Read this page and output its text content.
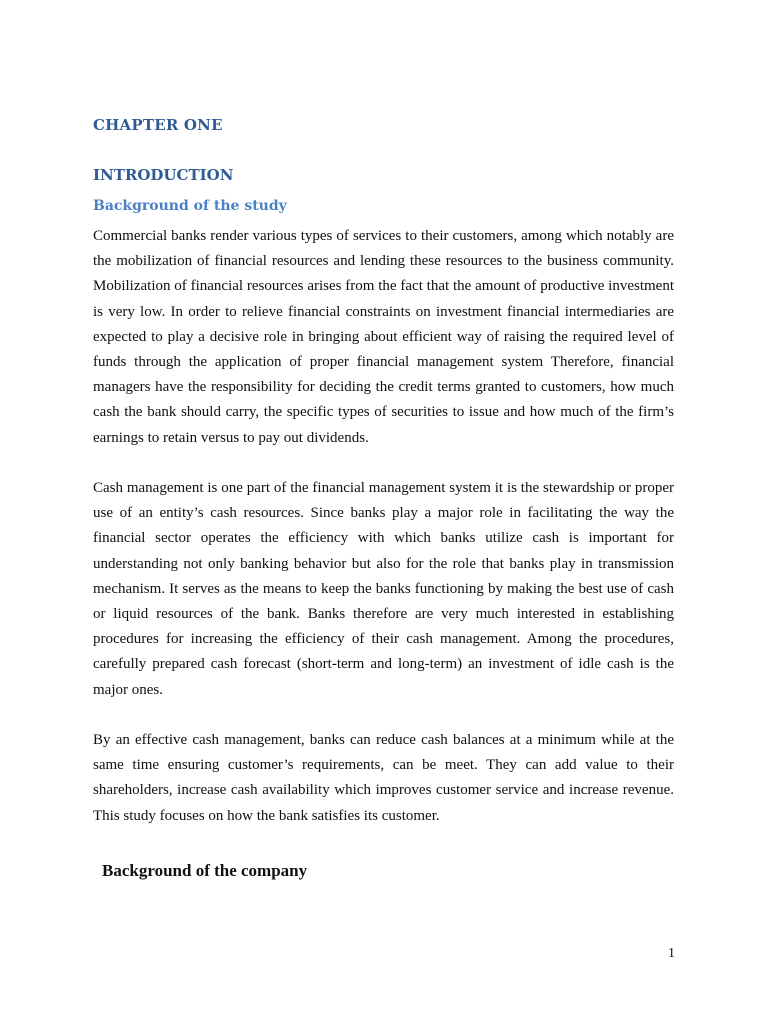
CHAPTER ONE
INTRODUCTION
Background of the study

Commercial banks render various types of services to their customers, among which notably are the mobilization of financial resources and lending these resources to the business community. Mobilization of financial resources arises from the fact that the amount of productive investment is very low. In order to relieve financial constraints on investment financial intermediaries are expected to play a decisive role in bringing about efficient way of raising the required level of funds through the application of proper financial management system Therefore, financial managers have the responsibility for deciding the credit terms granted to customers, how much cash the bank should carry, the specific types of securities to issue and how much of the firm’s earnings to retain versus to pay out dividends.

Cash management is one part of the financial management system it is the stewardship or proper use of an entity’s cash resources. Since banks play a major role in facilitating the way the financial sector operates the efficiency with which banks utilize cash is important for understanding not only banking behavior but also for the role that banks play in transmission mechanism. It serves as the means to keep the banks functioning by making the best use of cash or liquid resources of the bank. Banks therefore are very much interested in establishing procedures for increasing the efficiency of their cash management. Among the procedures, carefully prepared cash forecast (short-term and long-term) an investment of idle cash is the major ones.

By an effective cash management, banks can reduce cash balances at a minimum while at the same time ensuring customer’s requirements, can be meet. They can add value to their shareholders, increase cash availability which improves customer service and increase revenue. This study focuses on how the bank satisfies its customer.

Background of the company
1
